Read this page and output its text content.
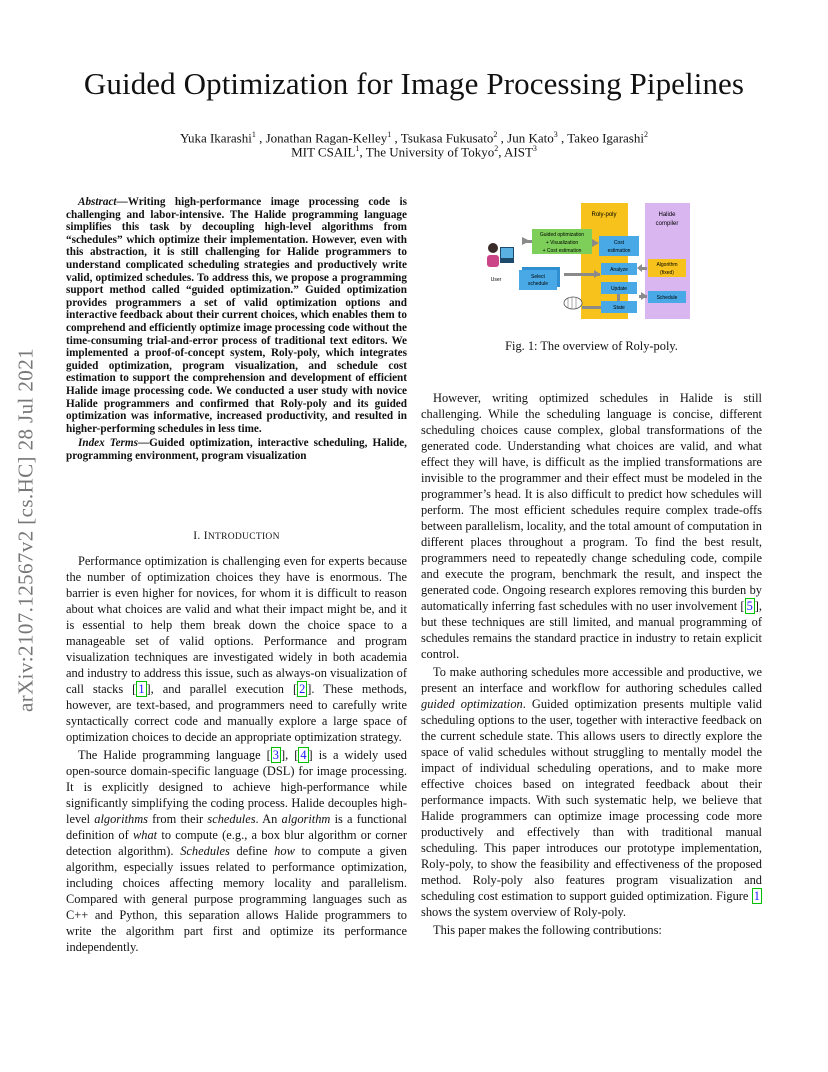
Guided Optimization for Image Processing Pipelines
Yuka Ikarashi$^1$ , Jonathan Ragan-Kelley$^1$ , Tsukasa Fukusato$^2$ , Jun Kato$^3$ , Takeo Igarashi$^2$
MIT CSAIL$^1$, The University of Tokyo$^2$, AIST$^3$
arXiv:2107.12567v2 [cs.HC] 28 Jul 2021

Abstract—Writing high-performance image processing code is challenging and labor-intensive. The Halide programming language simplifies this task by decoupling high-level algorithms from “schedules” which optimize their implementation. However, even with this abstraction, it is still challenging for Halide programmers to understand complicated scheduling strategies and productively write valid, optimized schedules. To address this, we propose a programming support method called “guided optimization.” Guided optimization provides programmers a set of valid optimization options and interactive feedback about their current choices, which enables them to comprehend and efficiently optimize image processing code without the time-consuming trial-and-error process of traditional text editors. We implemented a proof-of-concept system, Roly-poly, which integrates guided optimization, program visualization, and schedule cost estimation to support the comprehension and development of efficient Halide image processing code. We conducted a user study with novice Halide programmers and confirmed that Roly-poly and its guided optimization was informative, increased productivity, and resulted in higher-performing schedules in less time.

Index Terms—Guided optimization, interactive scheduling, Halide, programming environment, program visualization

I. INTRODUCTION

Performance optimization is challenging even for experts because the number of optimization choices they have is enormous. The barrier is even higher for novices, for whom it is difficult to reason about what choices are valid and what their impact might be, and it is essential to help them break down the choice space to a manageable set of valid options. Performance and program visualization techniques are investigated widely in both academia and industry to address this issue, such as always-on visualization of call stacks [ 1 ], and parallel execution [ 2 ]. These methods, however, are text-based, and programmers need to carefully write syntactically correct code and manually explore a large space of optimization choices to decide an appropriate optimization strategy.

The Halide programming language [ 3 ], [ 4 ] is a widely used open-source domain-specific language (DSL) for image processing. It is explicitly designed to achieve high-performance while significantly simplifying the coding process. Halide decouples high-level algorithms from their schedules. An algorithm is a functional definition of what to compute (e.g., a box blur algorithm or corner detection algorithm). Schedules define how to compute a given algorithm, especially issues related to performance optimization, including choices affecting memory locality and parallelism. Compared with general purpose programming languages such as C++ and Python, this separation allows Halide programmers to write the algorithm part first and optimize its performance independently.

Roly-poly	Halide
compiler
Guided optimization
+ Visualization
+ Cost estimation
Cost
estimation
Analyze
Algorithm
(fixed)
Update
Schedule
State
Select
schedule
User
Fig. 1: The overview of Roly-poly.

However, writing optimized schedules in Halide is still challenging. While the scheduling language is concise, different scheduling choices cause complex, global transformations of the generated code. Understanding what choices are valid, and what effect they will have, is difficult as the implied transformations are invisible to the programmer and their effect must be modeled in the programmer’s head. It is also difficult to predict how schedules will perform. The most efficient schedules require complex trade-offs between parallelism, locality, and the total amount of computation in different places throughout a program. To find the best result, programmers need to repeatedly change scheduling code, compile and execute the program, benchmark the result, and inspect the generated code. Ongoing research explores removing this burden by automatically inferring fast schedules with no user involvement [ 5 ], but these techniques are still limited, and manual programming of schedules remains the standard practice in industry to retain explicit control.

To make authoring schedules more accessible and productive, we present an interface and workflow for authoring schedules called guided optimization. Guided optimization presents multiple valid scheduling options to the user, together with interactive feedback on the current schedule state. This allows users to directly explore the space of valid schedules without struggling to mentally model the impact of individual scheduling operations, and to make more effective choices based on integrated feedback about their performance impacts. With such systematic help, we believe that Halide programmers can optimize image processing code more productively and effectively than with traditional manual scheduling. This paper introduces our prototype implementation, Roly-poly, to show the feasibility and effectiveness of the proposed method. Roly-poly also features program visualization and scheduling cost estimation to support guided optimization. Figure 1 shows the system overview of Roly-poly.

This paper makes the following contributions:
